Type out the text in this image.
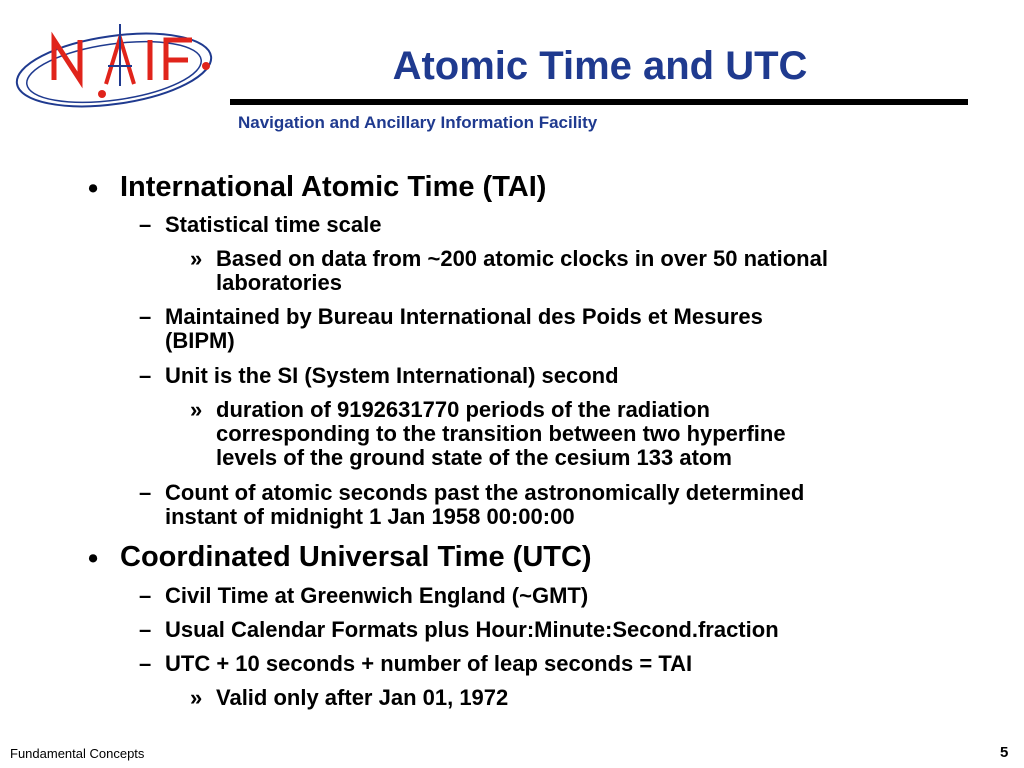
Atomic Time and UTC
Navigation and Ancillary Information Facility
• International Atomic Time (TAI)
– Statistical time scale
» Based on data from ~200 atomic clocks in over 50 national
laboratories
– Maintained by Bureau International des Poids et Mesures
(BIPM)
– Unit is the SI (System International) second
» duration of 9192631770 periods of the radiation
corresponding to the transition between two hyperfine
levels of the ground state of the cesium 133 atom
– Count of atomic seconds past the astronomically determined
instant of midnight 1 Jan 1958 00:00:00
• Coordinated Universal Time (UTC)
– Civil Time at Greenwich England (~GMT)
– Usual Calendar Formats plus Hour:Minute:Second.fraction
– UTC + 10 seconds + number of leap seconds = TAI
» Valid only after Jan 01, 1972
Fundamental Concepts	5
